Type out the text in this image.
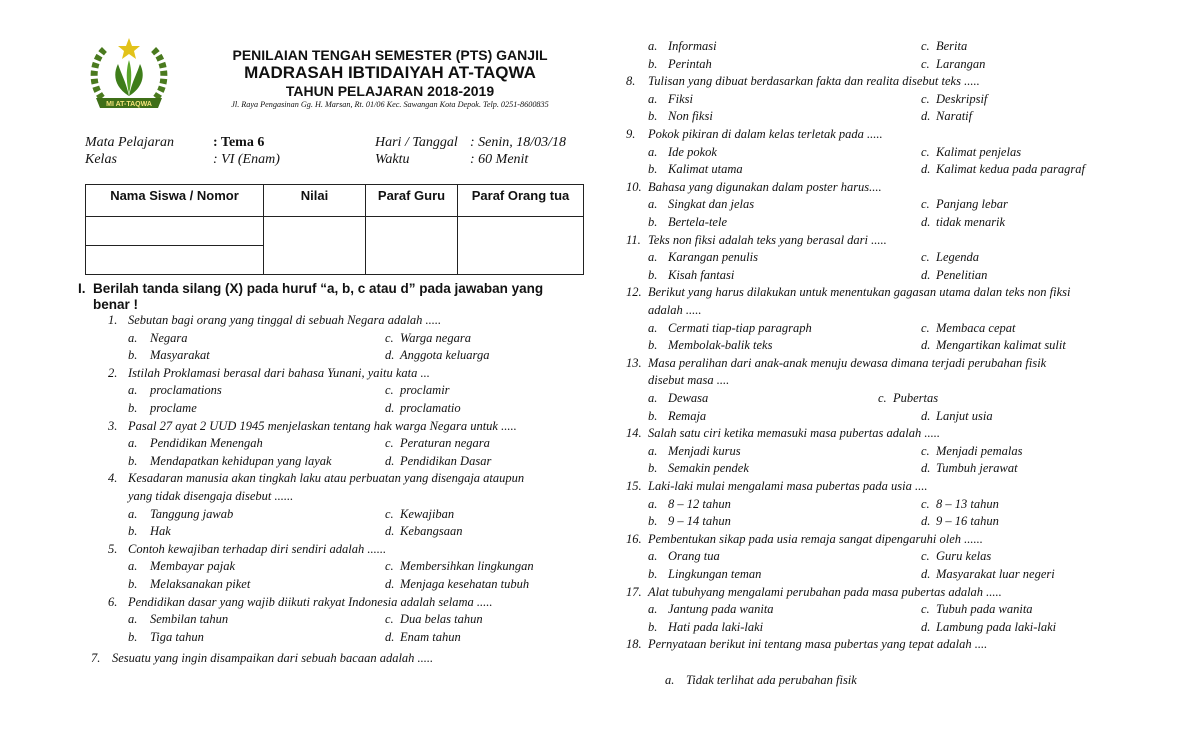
MI AT-TAQWA
PENILAIAN TENGAH SEMESTER (PTS) GANJIL
MADRASAH IBTIDAIYAH AT-TAQWA
TAHUN PELAJARAN 2018-2019
Jl. Raya Pengasinan Gg. H. Marsan, Rt. 01/06 Kec. Sawangan Kota Depok. Telp. 0251-8600835
Mata Pelajaran	: Tema 6
Kelas	: VI (Enam)
Hari / Tanggal : Senin, 18/03/18
Waktu	: 60 Menit
Nama Siswa / Nomor	Nilai	Paraf Guru	Paraf Orang tua

I. Berilah tanda silang (X) pada huruf “a, b, c atau d” pada jawaban yang
benar !
1. Sebutan bagi orang yang tinggal di sebuah Negara adalah .....
a. Negara	c. Warga negara
b. Masyarakat	d. Anggota keluarga
2. Istilah Proklamasi berasal dari bahasa Yunani, yaitu kata ...
a. proclamations	c. proclamir
b. proclame	d. proclamatio
3. Pasal 27 ayat 2 UUD 1945 menjelaskan tentang hak warga Negara untuk .....
a. Pendidikan Menengah	c. Peraturan negara
b. Mendapatkan kehidupan yang layak	d. Pendidikan Dasar
4. Kesadaran manusia akan tingkah laku atau perbuatan yang disengaja ataupun
yang tidak disengaja disebut ......
a. Tanggung jawab	c. Kewajiban
b. Hak	d. Kebangsaan
5. Contoh kewajiban terhadap diri sendiri adalah ......
a. Membayar pajak	c. Membersihkan lingkungan
b. Melaksanakan piket	d. Menjaga kesehatan tubuh
6. Pendidikan dasar yang wajib diikuti rakyat Indonesia adalah selama .....
a. Sembilan tahun	c. Dua belas tahun
b. Tiga tahun	d. Enam tahun
7. Sesuatu yang ingin disampaikan dari sebuah bacaan adalah .....
a. Informasi	c. Berita
b. Perintah	c. Larangan
8. Tulisan yang dibuat berdasarkan fakta dan realita disebut teks .....
a. Fiksi	c. Deskripsif
b. Non fiksi	d. Naratif
9. Pokok pikiran di dalam kelas terletak pada .....
a. Ide pokok	c. Kalimat penjelas
b. Kalimat utama	d. Kalimat kedua pada paragraf
10. Bahasa yang digunakan dalam poster harus....
a. Singkat dan jelas	c. Panjang lebar
b. Bertela-tele	d. tidak menarik
11. Teks non fiksi adalah teks yang berasal dari .....
a. Karangan penulis	c. Legenda
b. Kisah fantasi	d. Penelitian
12. Berikut yang harus dilakukan untuk menentukan gagasan utama dalan teks non fiksi
adalah .....
a. Cermati tiap-tiap paragraph	c. Membaca cepat
b. Membolak-balik teks	d. Mengartikan kalimat sulit
13. Masa peralihan dari anak-anak menuju dewasa dimana terjadi perubahan fisik
disebut masa ....
a. Dewasa	c. Pubertas
b. Remaja	d. Lanjut usia
14. Salah satu ciri ketika memasuki masa pubertas adalah .....
a. Menjadi kurus	c. Menjadi pemalas
b. Semakin pendek	d. Tumbuh jerawat
15. Laki-laki mulai mengalami masa pubertas pada usia ....
a. 8 – 12 tahun	c. 8 – 13 tahun
b. 9 – 14 tahun	d. 9 – 16 tahun
16. Pembentukan sikap pada usia remaja sangat dipengaruhi oleh ......
a. Orang tua	c. Guru kelas
b. Lingkungan teman	d. Masyarakat luar negeri
17. Alat tubuhyang mengalami perubahan pada masa pubertas adalah .....
a. Jantung pada wanita	c. Tubuh pada wanita
b. Hati pada laki-laki	d. Lambung pada laki-laki
18. Pernyataan berikut ini tentang masa pubertas yang tepat adalah ....
a. Tidak terlihat ada perubahan fisik
